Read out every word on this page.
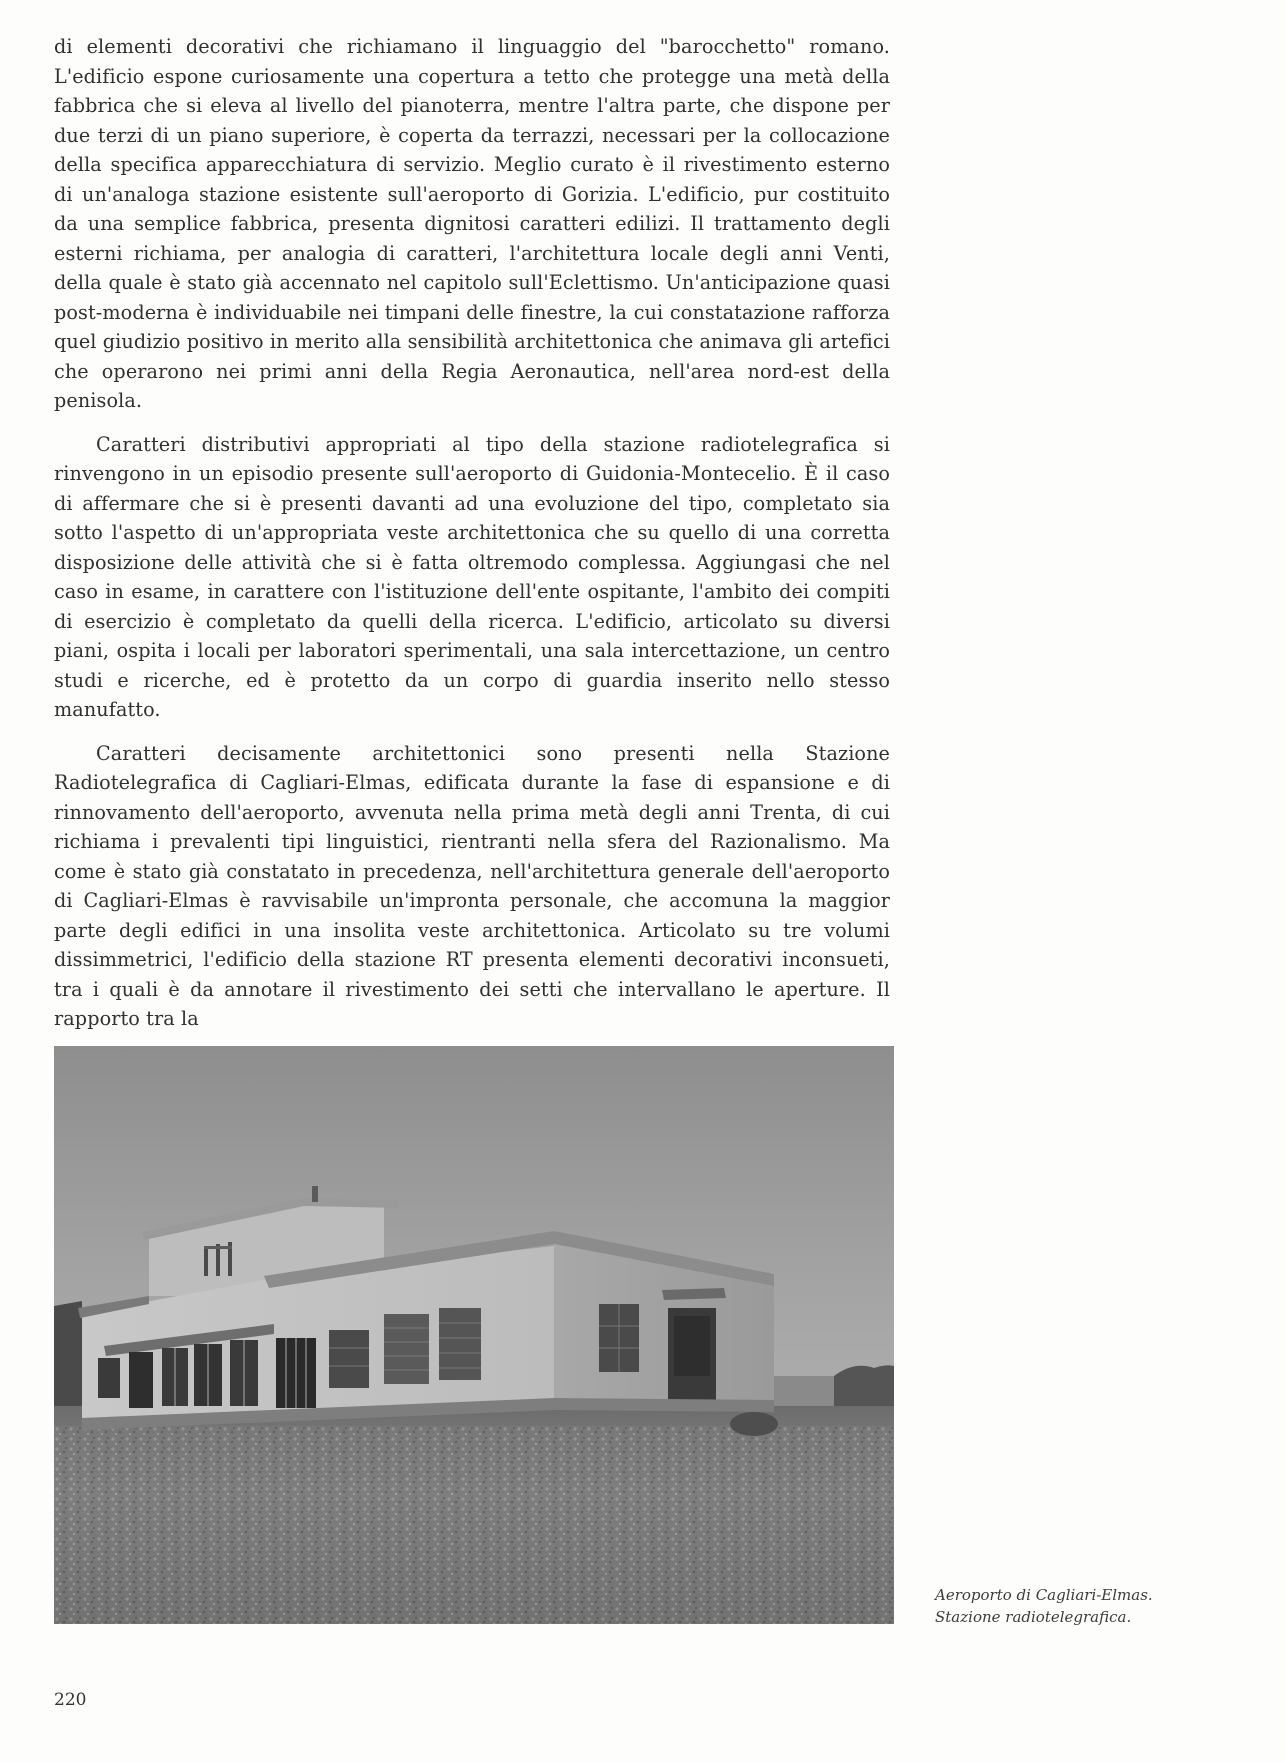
di elementi decorativi che richiamano il linguaggio del "barocchetto" romano. L'edificio espone curiosamente una copertura a tetto che protegge una metà della fabbrica che si eleva al livello del pianoterra, mentre l'altra parte, che dispone per due terzi di un piano superiore, è coperta da terrazzi, necessari per la collocazione della specifica apparecchiatura di servizio. Meglio curato è il rivestimento esterno di un'analoga stazione esistente sull'aeroporto di Gorizia. L'edificio, pur costituito da una semplice fabbrica, presenta dignitosi caratteri edilizi. Il trattamento degli esterni richiama, per analogia di caratteri, l'architettura locale degli anni Venti, della quale è stato già accennato nel capitolo sull'Eclettismo. Un'anticipazione quasi post-moderna è individuabile nei timpani delle finestre, la cui constatazione rafforza quel giudizio positivo in merito alla sensibilità architettonica che animava gli artefici che operarono nei primi anni della Regia Aeronautica, nell'area nord-est della penisola.

Caratteri distributivi appropriati al tipo della stazione radiotelegrafica si rinvengono in un episodio presente sull'aeroporto di Guidonia-Montecelio. È il caso di affermare che si è presenti davanti ad una evoluzione del tipo, completato sia sotto l'aspetto di un'appropriata veste architettonica che su quello di una corretta disposizione delle attività che si è fatta oltremodo complessa. Aggiungasi che nel caso in esame, in carattere con l'istituzione dell'ente ospitante, l'ambito dei compiti di esercizio è completato da quelli della ricerca. L'edificio, articolato su diversi piani, ospita i locali per laboratori sperimentali, una sala intercettazione, un centro studi e ricerche, ed è protetto da un corpo di guardia inserito nello stesso manufatto.

Caratteri decisamente architettonici sono presenti nella Stazione Radiotelegrafica di Cagliari-Elmas, edificata durante la fase di espansione e di rinnovamento dell'aeroporto, avvenuta nella prima metà degli anni Trenta, di cui richiama i prevalenti tipi linguistici, rientranti nella sfera del Razionalismo. Ma come è stato già constatato in precedenza, nell'architettura generale dell'aeroporto di Cagliari-Elmas è ravvisabile un'impronta personale, che accomuna la maggior parte degli edifici in una insolita veste architettonica. Articolato su tre volumi dissimmetrici, l'edificio della stazione RT presenta elementi decorativi inconsueti, tra i quali è da annotare il rivestimento dei setti che intervallano le aperture. Il rapporto tra la

Aeroporto di Cagliari-Elmas.
Stazione radiotelegrafica.
220
